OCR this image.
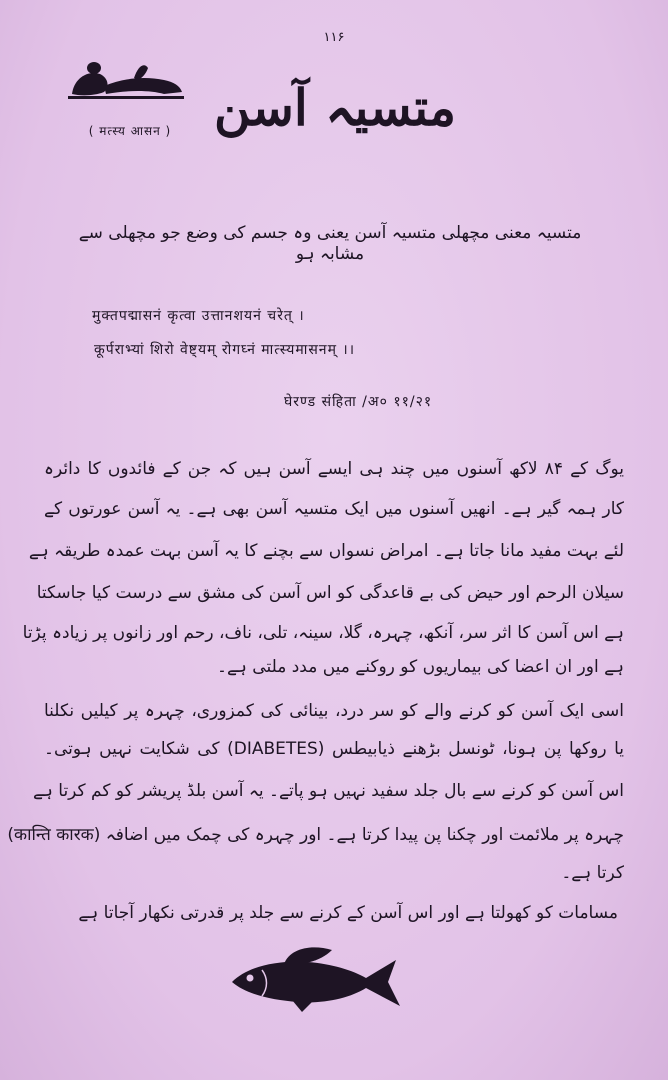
۱۱۶
( मत्स्य आसन ) متسیہ آسن
متسیہ معنی مچھلی متسیہ آسن یعنی وہ جسم کی وضع جو مچھلی سے مشابہ ہو
मुक्तपद्मासनं कृत्वा उत्तानशयनं चरेत् ।
कूर्पराभ्यां शिरो वेष्ट्यम् रोगघ्नं मात्स्यमासनम् ।।
घेरण्ड संहिता /अ० ११/२१
یوگ کے ۸۴ لاکھ آسنوں میں چند ہی ایسے آسن ہیں کہ جن کے فائدوں کا دائرہ
کار ہمہ گیر ہے۔ انھیں آسنوں میں ایک متسیہ آسن بھی ہے۔ یہ آسن عورتوں کے
لئے بہت مفید مانا جاتا ہے۔ امراض نسواں سے بچنے کا یہ آسن بہت عمدہ طریقہ ہے
سیلان الرحم اور حیض کی بے قاعدگی کو اس آسن کی مشق سے درست کیا جاسکتا
ہے اس آسن کا اثر سر، آنکھ، چہرہ، گلا، سینہ، تلی، ناف، رحم اور زانوں پر زیادہ پڑتا
ہے اور ان اعضا کی بیماریوں کو روکنے میں مدد ملتی ہے۔
اسی ایک آسن کو کرنے والے کو سر درد، بینائی کی کمزوری، چہرہ پر کیلیں نکلنا
یا روکھا پن ہونا، ٹونسل بڑھنے ذیابیطس (DIABETES) کی شکایت نہیں ہوتی۔
اس آسن کو کرنے سے بال جلد سفید نہیں ہو پاتے۔ یہ آسن بلڈ پریشر کو کم کرتا ہے
چہرہ پر ملائمت اور چکنا پن پیدا کرتا ہے۔ اور چہرہ کی چمک میں اضافہ (कान्ति कारक)
کرتا ہے۔
مسامات کو کھولتا ہے اور اس آسن کے کرنے سے جلد پر قدرتی نکھار آجاتا ہے
